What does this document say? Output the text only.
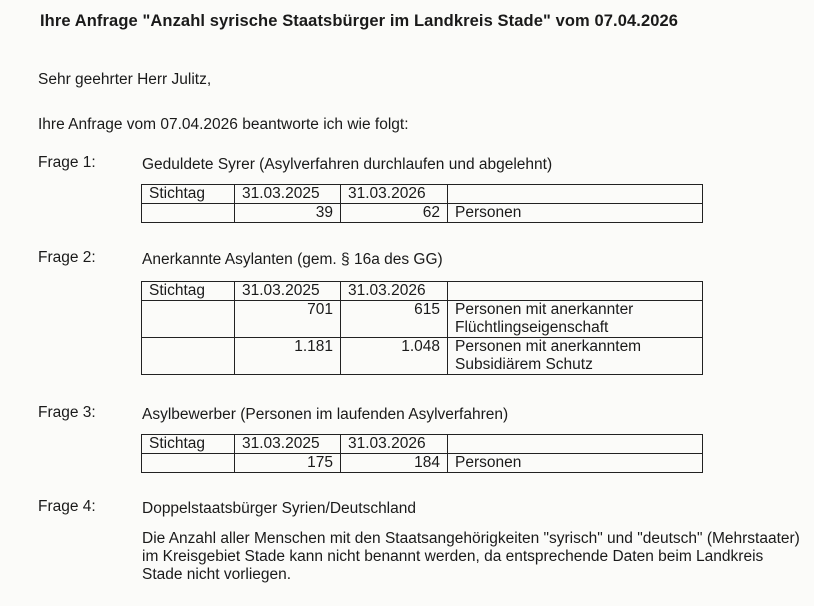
Ihre Anfrage "Anzahl syrische Staatsbürger im Landkreis Stade" vom 07.04.2026
Sehr geehrter Herr Julitz,
Ihre Anfrage vom 07.04.2026 beantworte ich wie folgt:
Frage 1:	Geduldete Syrer (Asylverfahren durchlaufen und abgelehnt)
Stichtag	31.03.2025	31.03.2026	
	39	62	Personen
Frage 2:	Anerkannte Asylanten (gem. § 16a des GG)
Stichtag	31.03.2025	31.03.2026	
	701	615	Personen mit anerkannter Flüchtlingseigenschaft
	1.181	1.048	Personen mit anerkanntem Subsidiärem Schutz
Frage 3:	Asylbewerber (Personen im laufenden Asylverfahren)
Stichtag	31.03.2025	31.03.2026	
	175	184	Personen
Frage 4:	Doppelstaatsbürger Syrien/Deutschland
Die Anzahl aller Menschen mit den Staatsangehörigkeiten "syrisch" und "deutsch" (Mehrstaater) im Kreisgebiet Stade kann nicht benannt werden, da entsprechende Daten beim Landkreis Stade nicht vorliegen.
